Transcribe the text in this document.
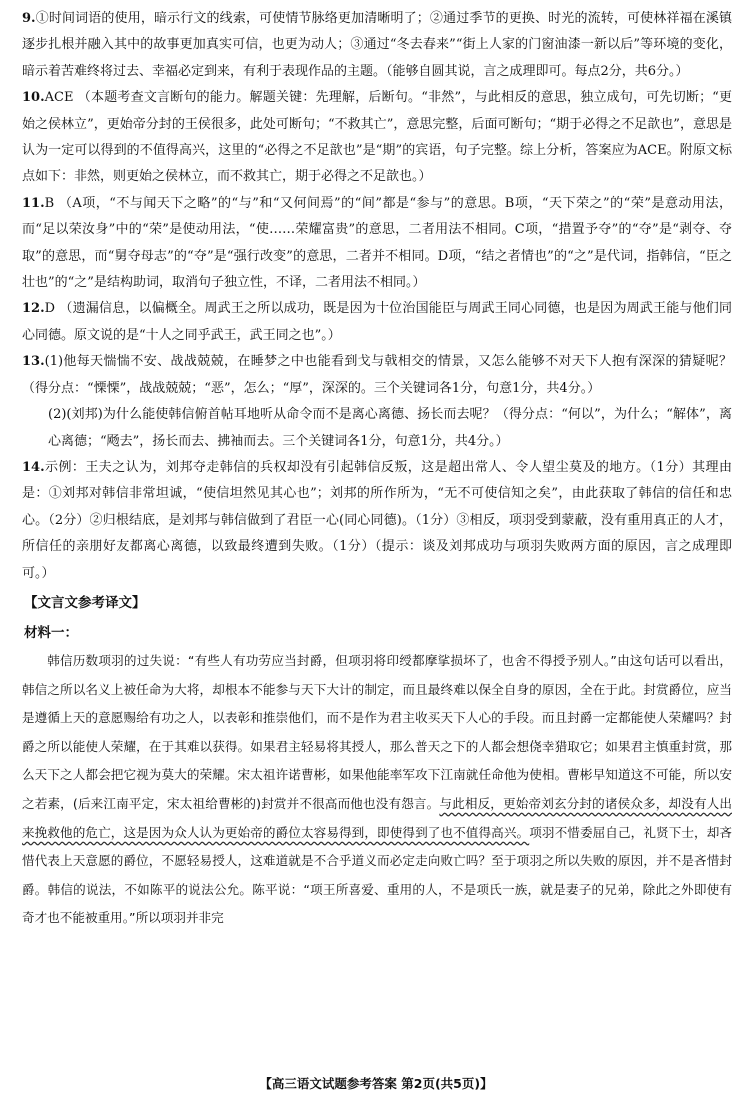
9.①时间词语的使用，暗示行文的线索，可使情节脉络更加清晰明了；②通过季节的更换、时光的流转，可使林祥福在溪镇逐步扎根并融入其中的故事更加真实可信，也更为动人；③通过“冬去春来”“街上人家的门窗油漆一新以后”等环境的变化，暗示着苦难终将过去、幸福必定到来，有利于表现作品的主题。（能够自圆其说，言之成理即可。每点2分，共6分。）

10.ACE （本题考查文言断句的能力。解题关键：先理解，后断句。“非然”，与此相反的意思，独立成句，可先切断；“更始之侯林立”，更始帝分封的王侯很多，此处可断句；“不救其亡”，意思完整，后面可断句；“期于必得之不足歆也”，意思是认为一定可以得到的不值得高兴，这里的“必得之不足歆也”是“期”的宾语，句子完整。综上分析，答案应为ACE。附原文标点如下：非然，则更始之侯林立，而不救其亡，期于必得之不足歆也。）

11.B （A项，“不与闻天下之略”的“与”和“又何间焉”的“间”都是“参与”的意思。B项，“天下荣之”的“荣”是意动用法，而“足以荣汝身”中的“荣”是使动用法，“使……荣耀富贵”的意思，二者用法不相同。C项，“措置予夺”的“夺”是“剥夺、夺取”的意思，而“舅夺母志”的“夺”是“强行改变”的意思，二者并不相同。D项，“结之者情也”的“之”是代词，指韩信，“臣之壮也”的“之”是结构助词，取消句子独立性，不译，二者用法不相同。）

12.D （遗漏信息，以偏概全。周武王之所以成功，既是因为十位治国能臣与周武王同心同德，也是因为周武王能与他们同心同德。原文说的是“十人之同乎武王，武王同之也”。）

13.(1)他每天惴惴不安、战战兢兢，在睡梦之中也能看到戈与戟相交的情景，又怎么能够不对天下人抱有深深的猜疑呢？（得分点：“慄慄”，战战兢兢；“恶”，怎么；“厚”，深深的。三个关键词各1分，句意1分，共4分。）

(2)(刘邦)为什么能使韩信俯首帖耳地听从命令而不是离心离德、扬长而去呢？（得分点：“何以”，为什么；“解体”，离心离德；“飏去”，扬长而去、拂袖而去。三个关键词各1分，句意1分，共4分。）

14.示例：王夫之认为，刘邦夺走韩信的兵权却没有引起韩信反叛，这是超出常人、令人望尘莫及的地方。（1分）其理由是：①刘邦对韩信非常坦诚，“使信坦然见其心也”；刘邦的所作所为，“无不可使信知之矣”，由此获取了韩信的信任和忠心。（2分）②归根结底，是刘邦与韩信做到了君臣一心(同心同德)。（1分）③相反，项羽受到蒙蔽，没有重用真正的人才，所信任的亲朋好友都离心离德，以致最终遭到失败。（1分）（提示：谈及刘邦成功与项羽失败两方面的原因，言之成理即可。）

【文言文参考译文】
材料一：

韩信历数项羽的过失说：“有些人有功劳应当封爵，但项羽将印绶都摩挲损坏了，也舍不得授予别人。”由这句话可以看出，韩信之所以名义上被任命为大将，却根本不能参与天下大计的制定，而且最终难以保全自身的原因，全在于此。封赏爵位，应当是遵循上天的意愿赐给有功之人，以表彰和推崇他们，而不是作为君主收买天下人心的手段。而且封爵一定都能使人荣耀吗？封爵之所以能使人荣耀，在于其难以获得。如果君主轻易将其授人，那么普天之下的人都会想侥幸猎取它；如果君主慎重封赏，那么天下之人都会把它视为莫大的荣耀。宋太祖许诺曹彬，如果他能率军攻下江南就任命他为使相。曹彬早知道这不可能，所以安之若素，(后来江南平定，宋太祖给曹彬的)封赏并不很高而他也没有怨言。与此相反，更始帝刘玄分封的诸侯众多，却没有人出来挽救他的危亡，这是因为众人认为更始帝的爵位太容易得到，即使得到了也不值得高兴。项羽不惜委屈自己，礼贤下士，却吝惜代表上天意愿的爵位，不愿轻易授人，这难道就是不合乎道义而必定走向败亡吗？至于项羽之所以失败的原因，并不是吝惜封爵。韩信的说法，不如陈平的说法公允。陈平说：“项王所喜爱、重用的人，不是项氏一族，就是妻子的兄弟，除此之外即使有奇才也不能被重用。”所以项羽并非完

【高三语文试题参考答案 第2页(共5页)】
